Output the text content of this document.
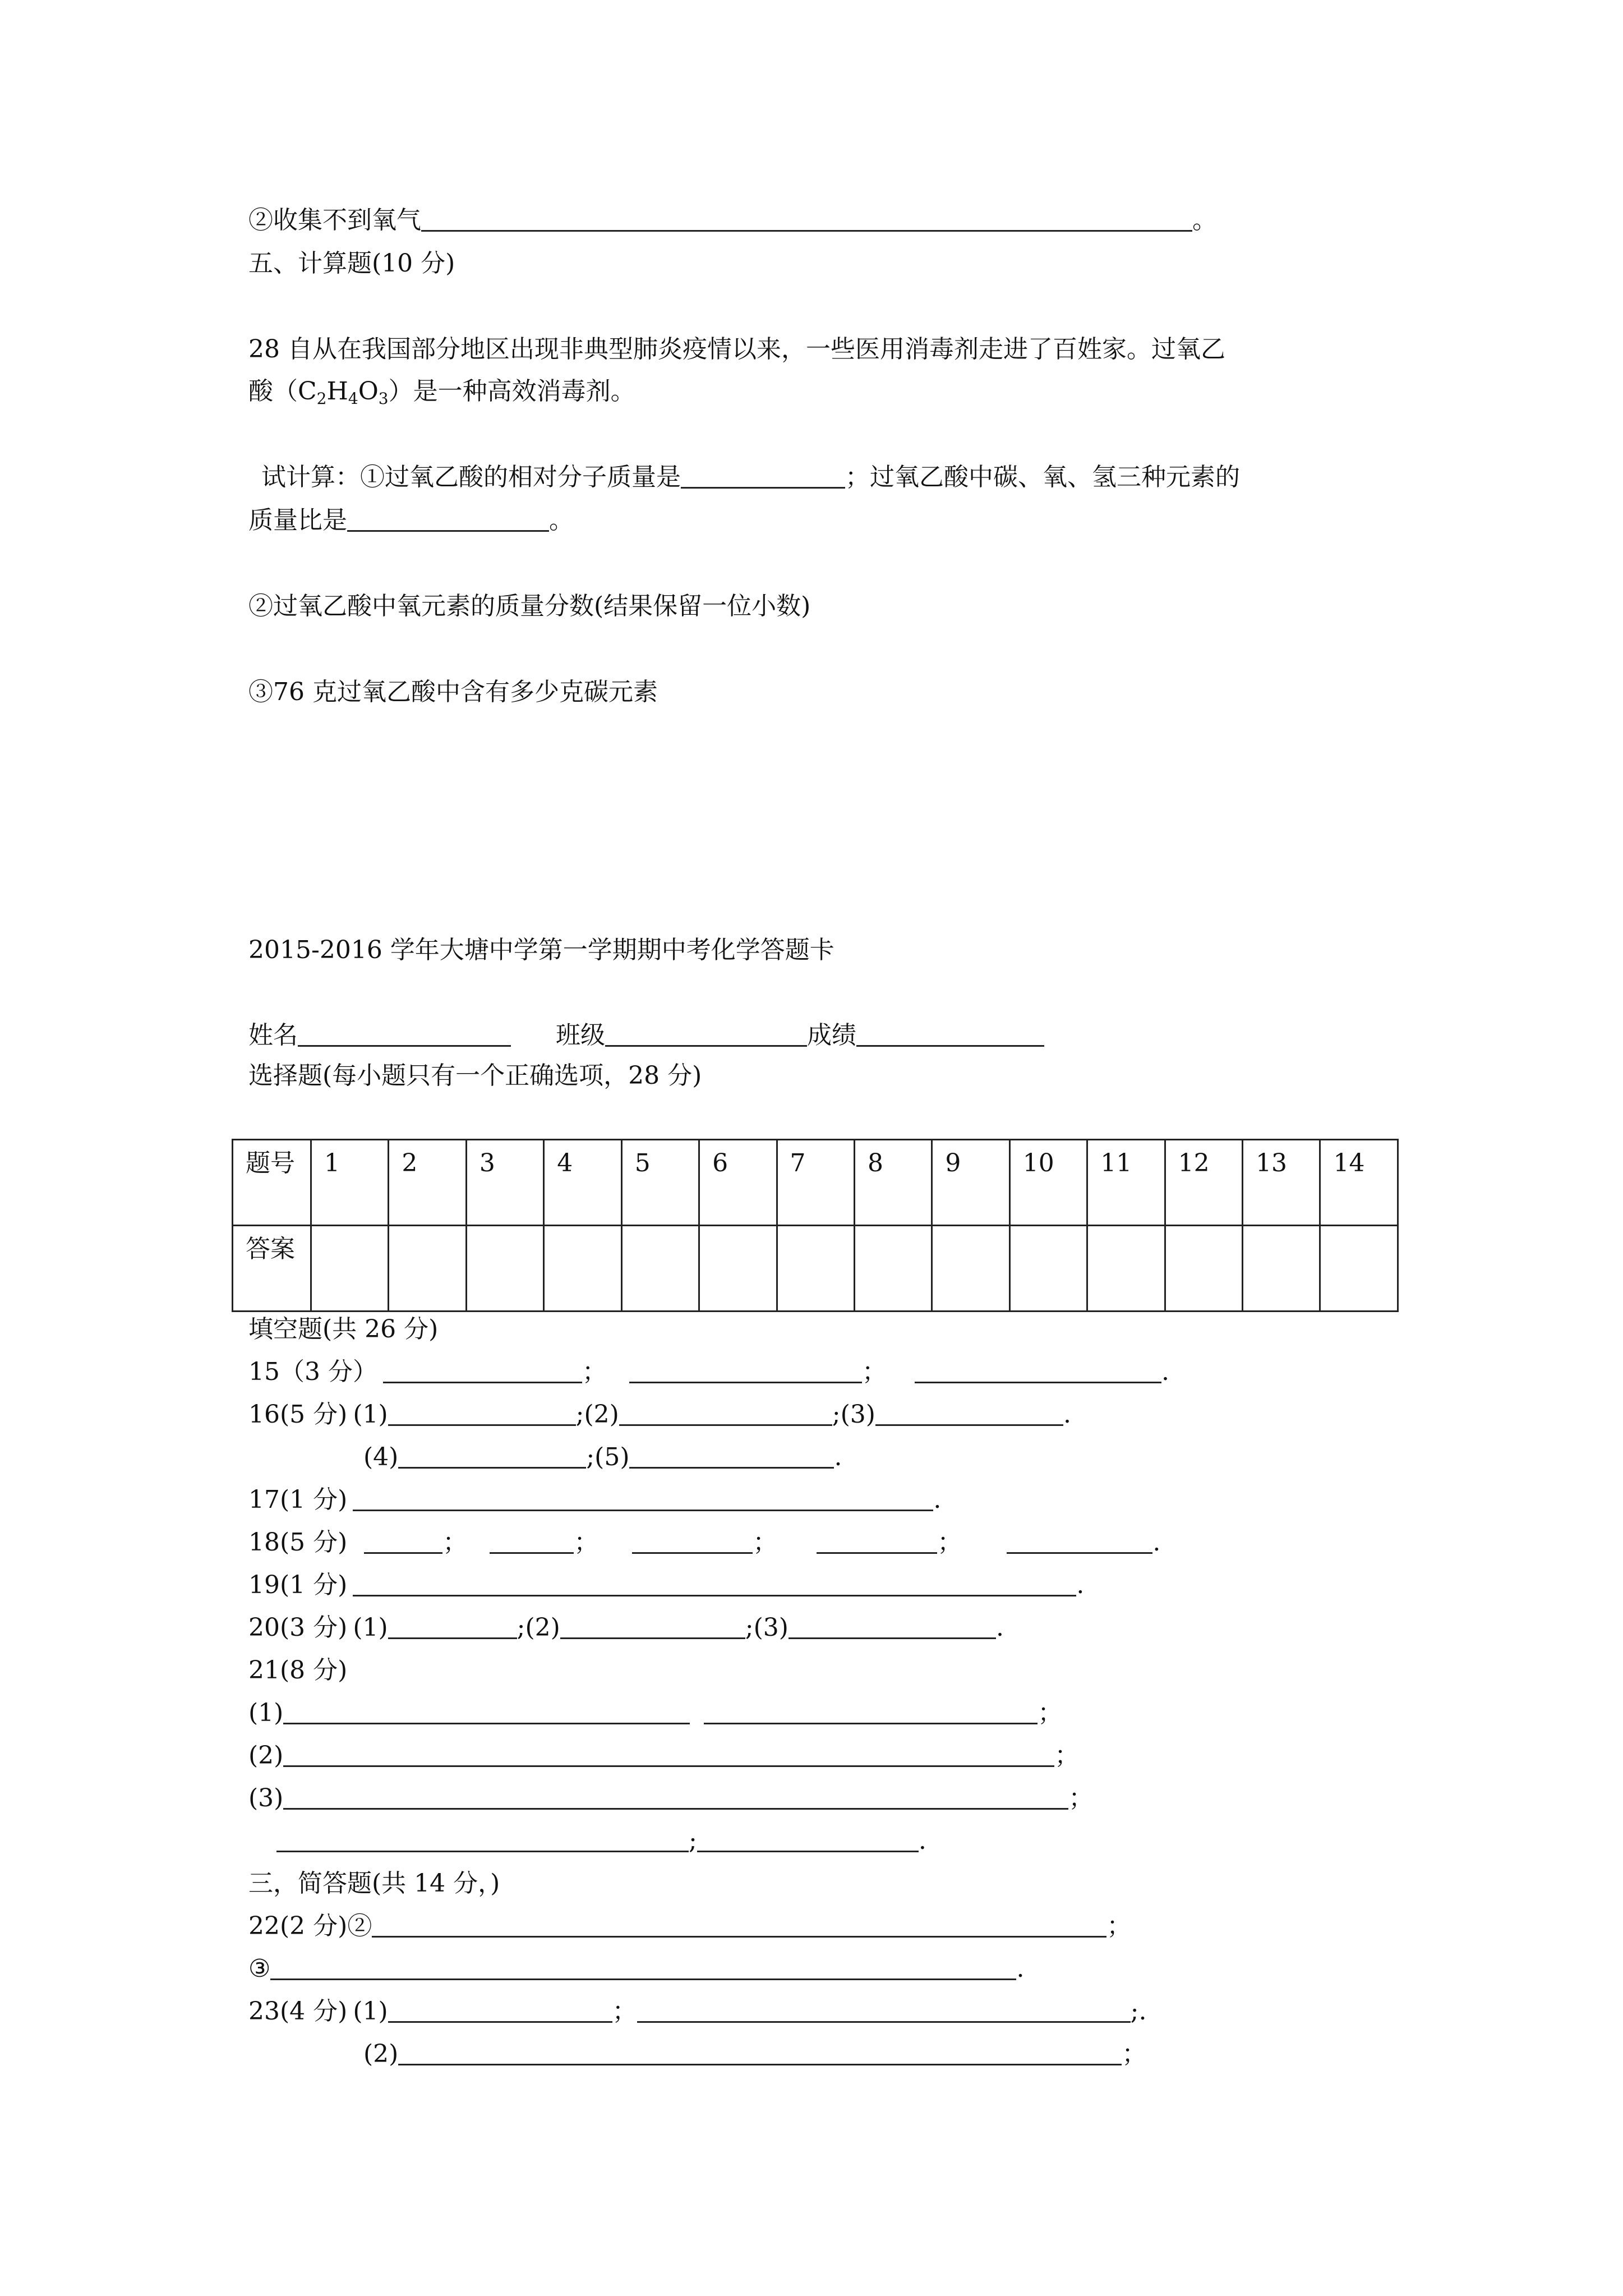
②收集不到氧气	。
五、计算题(10 分)
28 自从在我国部分地区出现非典型肺炎疫情以来，一些医用消毒剂走进了百姓家。过氧乙
酸$(C_2H_4O_3)$是一种高效消毒剂。
试计算：①过氧乙酸的相对分子质量是	；过氧乙酸中碳、氧、氢三种元素的
质量比是	。
②过氧乙酸中氧元素的质量分数(结果保留一位小数)
③76 克过氧乙酸中含有多少克碳元素
2015-2016 学年大塘中学第一学期期中考化学答题卡
姓名	班级	成绩
选择题(每小题只有一个正确选项，28 分)
题号	1	2	3	4	5	6	7	8	9	10	11	12	13	14
答案														
填空题(共 26 分)
15（3 分）	；	；	.
16(5 分) (1)	;(2)	;(3)	.
(4)	;(5)	.
17(1 分)	.
18(5 分)	；	；	；	；	.
19(1 分)	.
20(3 分) (1)	;(2)	;(3)	.
21(8 分)
(1)	；
(2)	；
(3)	；
;	.
三，简答题(共 14 分，)
22(2 分)②	；
③	.
23(4 分) (1)	；	;.
(2)	；
